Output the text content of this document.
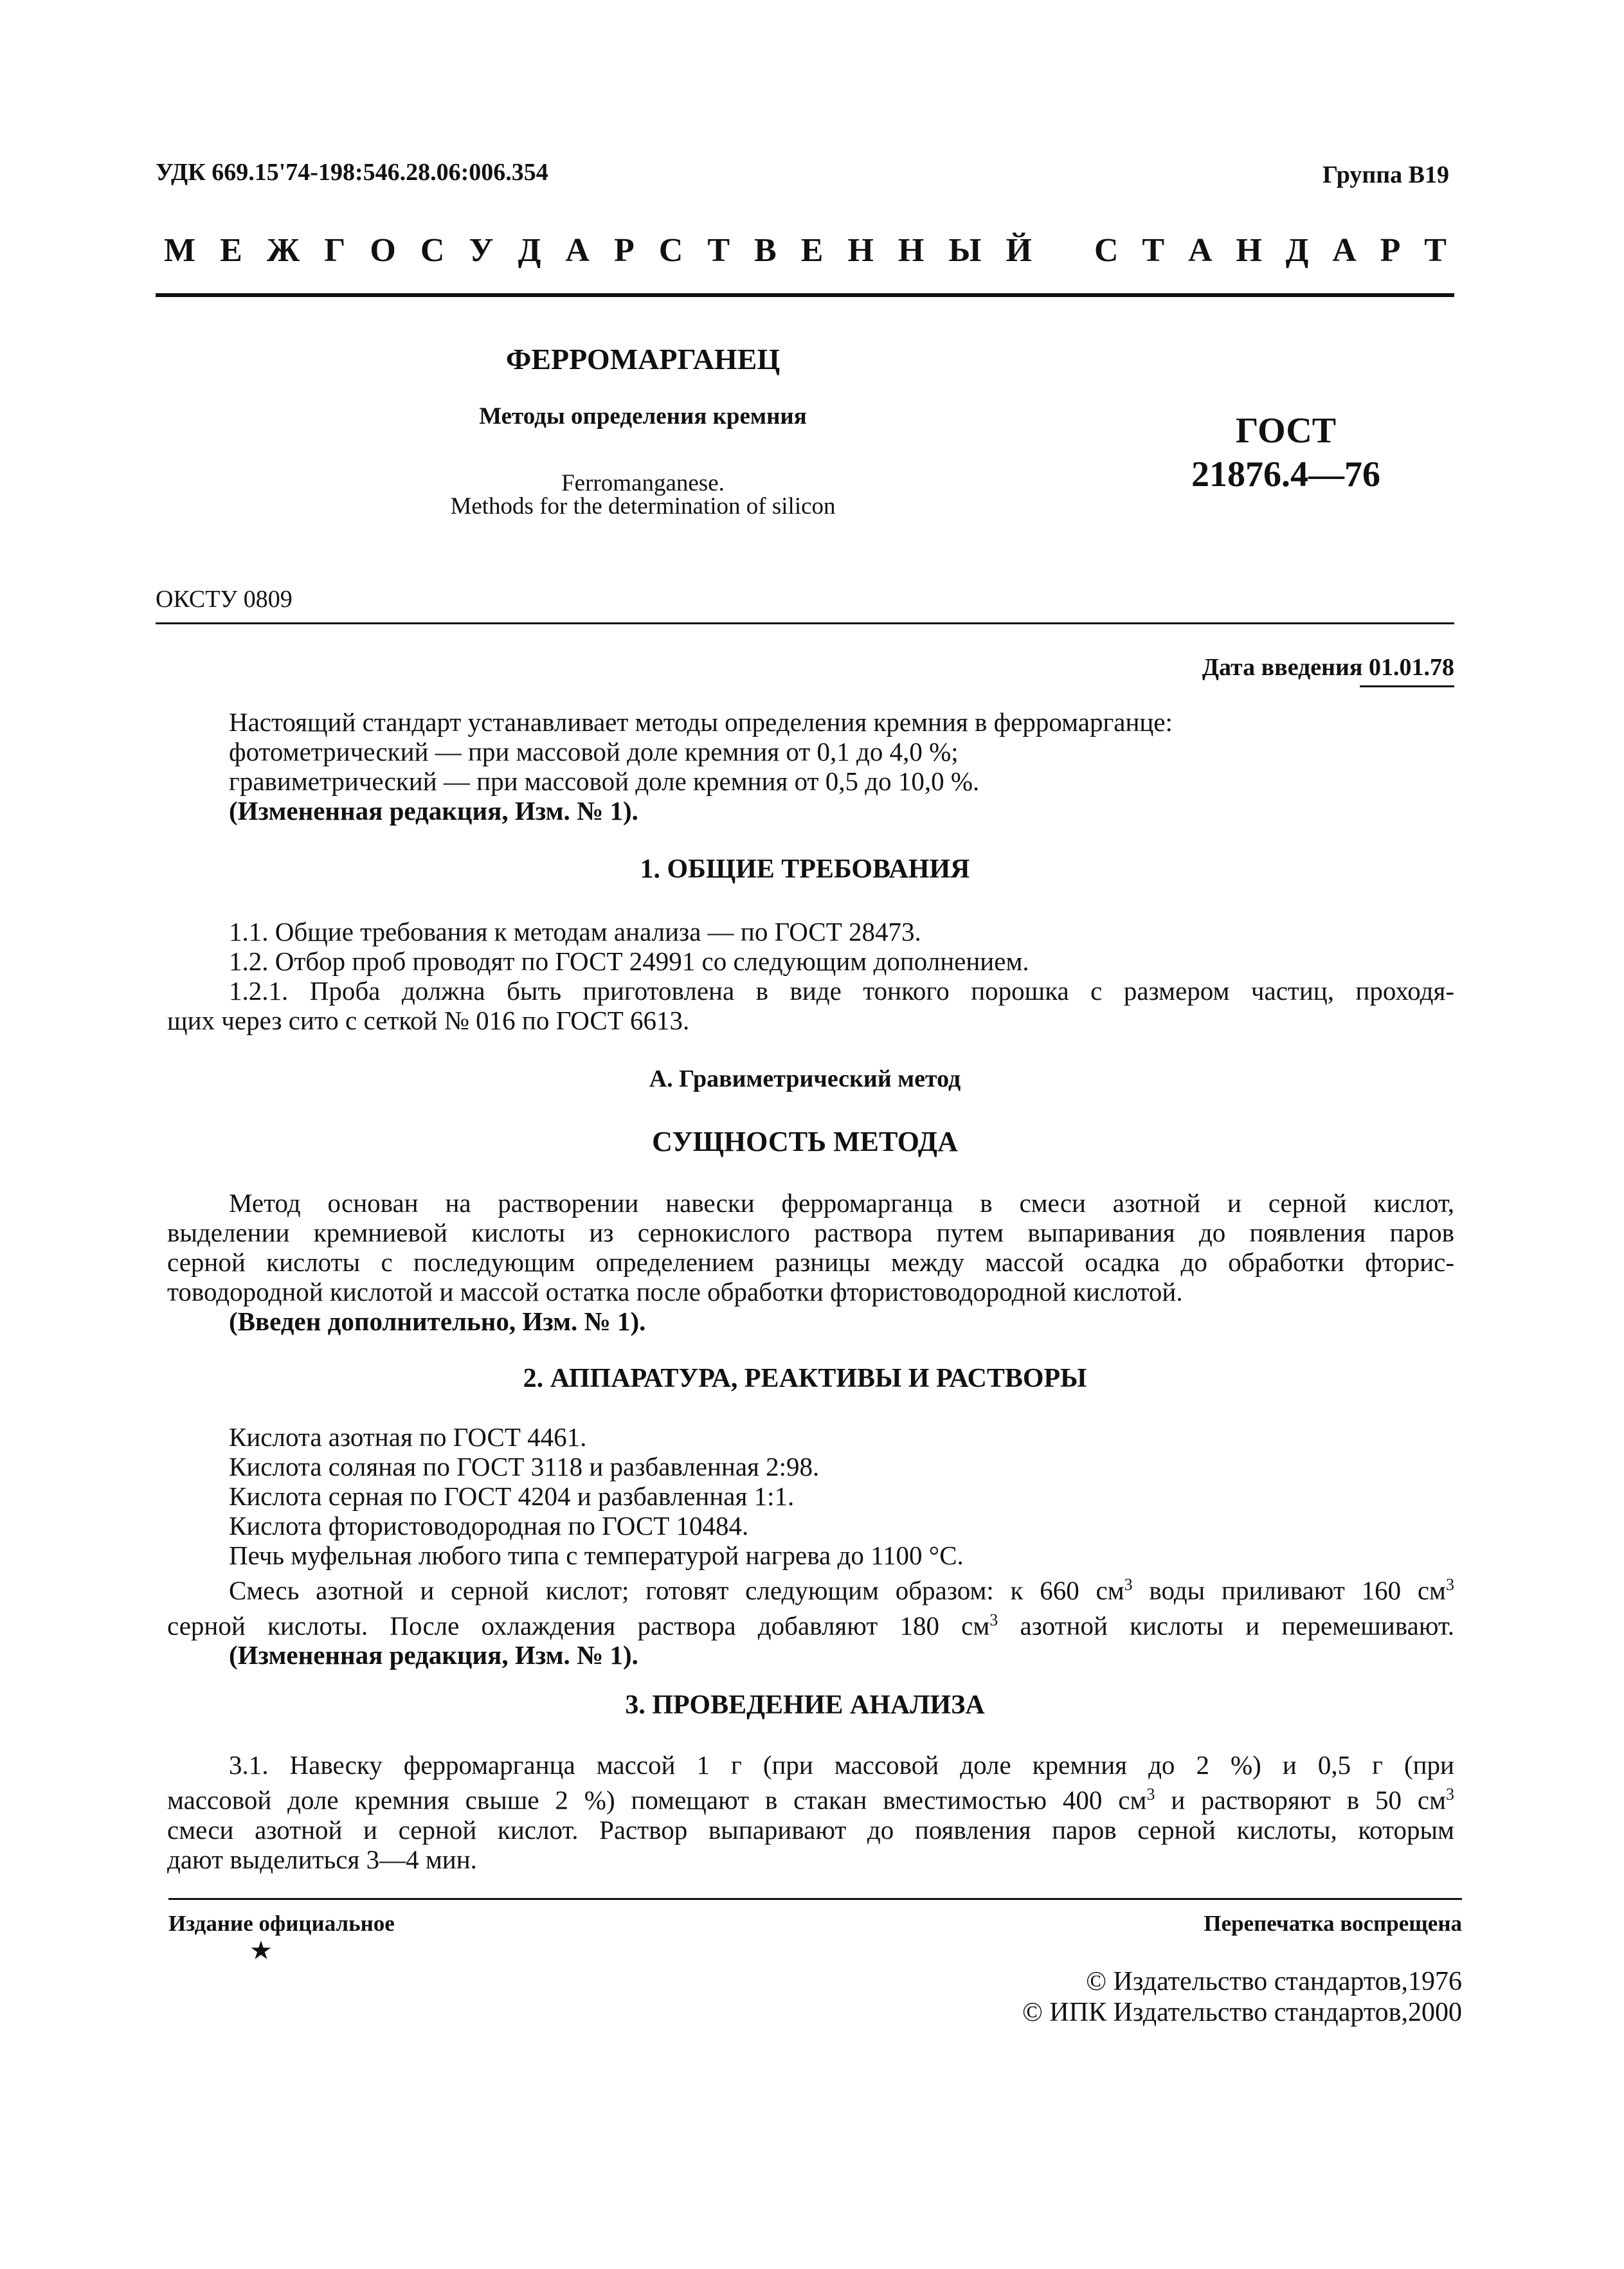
УДК 669.15'74-198:546.28.06:006.354	Группа В19
М Е Ж Г О С У Д А Р С Т В Е Н Н Ы Й С Т А Н Д А Р Т
ФЕРРОМАРГАНЕЦ
Методы определения кремния
Ferromanganese.
Methods for the determination of silicon
ГОСТ
21876.4—76
ОКСТУ 0809
Дата введения 01.01.78
Настоящий стандарт устанавливает методы определения кремния в ферромарганце:
фотометрический — при массовой доле кремния от 0,1 до 4,0 %;
гравиметрический — при массовой доле кремния от 0,5 до 10,0 %.
(Измененная редакция, Изм. № 1).
1. ОБЩИЕ ТРЕБОВАНИЯ
1.1. Общие требования к методам анализа — по ГОСТ 28473.
1.2. Отбор проб проводят по ГОСТ 24991 со следующим дополнением.
1.2.1. Проба должна быть приготовлена в виде тонкого порошка с размером частиц, проходя-
щих через сито с сеткой № 016 по ГОСТ 6613.
А. Гравиметрический метод
СУЩНОСТЬ МЕТОДА
Метод основан на растворении навески ферромарганца в смеси азотной и серной кислот,
выделении кремниевой кислоты из сернокислого раствора путем выпаривания до появления паров
серной кислоты с последующим определением разницы между массой осадка до обработки фторис-
товодородной кислотой и массой остатка после обработки фтористоводородной кислотой.
(Введен дополнительно, Изм. № 1).
2. АППАРАТУРА, РЕАКТИВЫ И РАСТВОРЫ
Кислота азотная по ГОСТ 4461.
Кислота соляная по ГОСТ 3118 и разбавленная 2:98.
Кислота серная по ГОСТ 4204 и разбавленная 1:1.
Кислота фтористоводородная по ГОСТ 10484.
Печь муфельная любого типа с температурой нагрева до 1100 °С.
Смесь азотной и серной кислот; готовят следующим образом: к 660 $см^3$ воды приливают 160 $см^3$
серной кислоты. После охлаждения раствора добавляют 180 $см^3$ азотной кислоты и перемешивают.
(Измененная редакция, Изм. № 1).
3. ПРОВЕДЕНИЕ АНАЛИЗА
3.1. Навеску ферромарганца массой 1 г (при массовой доле кремния до 2 %) и 0,5 г (при
массовой доле кремния свыше 2 %) помещают в стакан вместимостью 400 $см^3$ и растворяют в 50 $см^3$
смеси азотной и серной кислот. Раствор выпаривают до появления паров серной кислоты, которым
дают выделиться 3—4 мин.
Издание официальное
★
Перепечатка воспрещена
© Издательство стандартов,1976
© ИПК Издательство стандартов,2000
